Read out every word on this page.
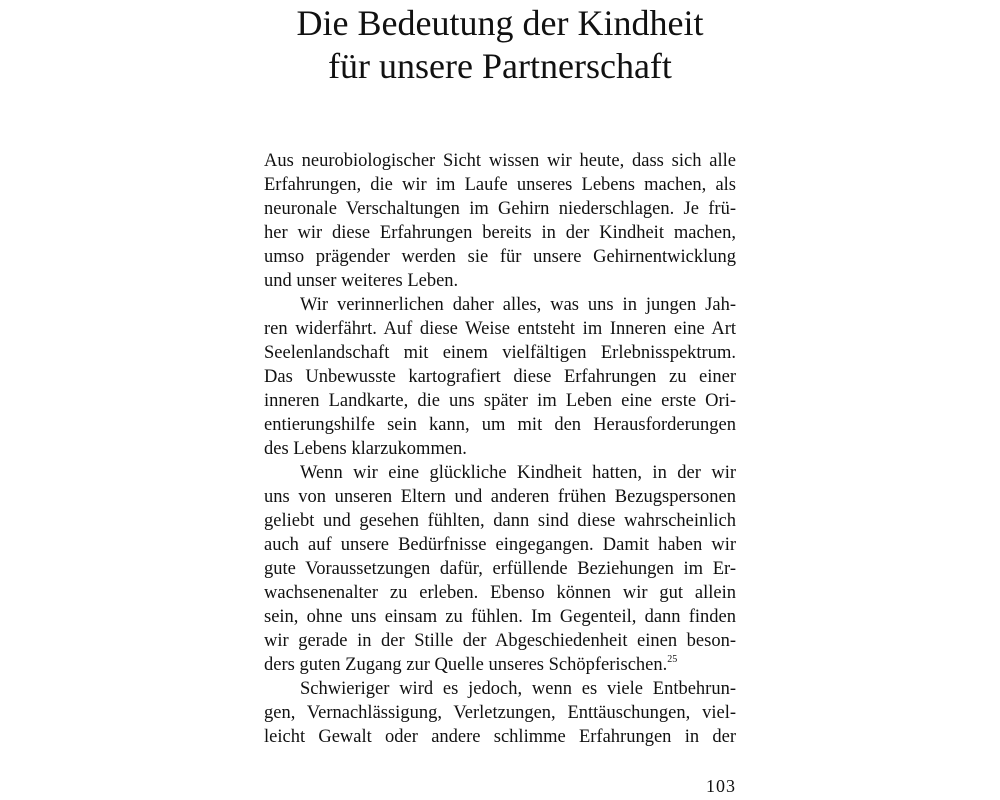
Die Bedeutung der Kindheit
für unsere Partnerschaft

Aus neurobiologischer Sicht wissen wir heute, dass sich alle
Erfahrungen, die wir im Laufe unseres Lebens machen, als
neuronale Verschaltungen im Gehirn niederschlagen. Je frü-
her wir diese Erfahrungen bereits in der Kindheit machen,
umso prägender werden sie für unsere Gehirnentwicklung
und unser weiteres Leben.

Wir verinnerlichen daher alles, was uns in jungen Jah-
ren widerfährt. Auf diese Weise entsteht im Inneren eine Art
Seelenlandschaft mit einem vielfältigen Erlebnisspektrum.
Das Unbewusste kartografiert diese Erfahrungen zu einer
inneren Landkarte, die uns später im Leben eine erste Ori-
entierungshilfe sein kann, um mit den Herausforderungen
des Lebens klarzukommen.

Wenn wir eine glückliche Kindheit hatten, in der wir
uns von unseren Eltern und anderen frühen Bezugspersonen
geliebt und gesehen fühlten, dann sind diese wahrscheinlich
auch auf unsere Bedürfnisse eingegangen. Damit haben wir
gute Voraussetzungen dafür, erfüllende Beziehungen im Er-
wachsenenalter zu erleben. Ebenso können wir gut allein
sein, ohne uns einsam zu fühlen. Im Gegenteil, dann finden
wir gerade in der Stille der Abgeschiedenheit einen beson-
ders guten Zugang zur Quelle unseres Schöpferischen.$^{25}$

Schwieriger wird es jedoch, wenn es viele Entbehrun-
gen, Vernachlässigung, Verletzungen, Enttäuschungen, viel-
leicht Gewalt oder andere schlimme Erfahrungen in der

103
